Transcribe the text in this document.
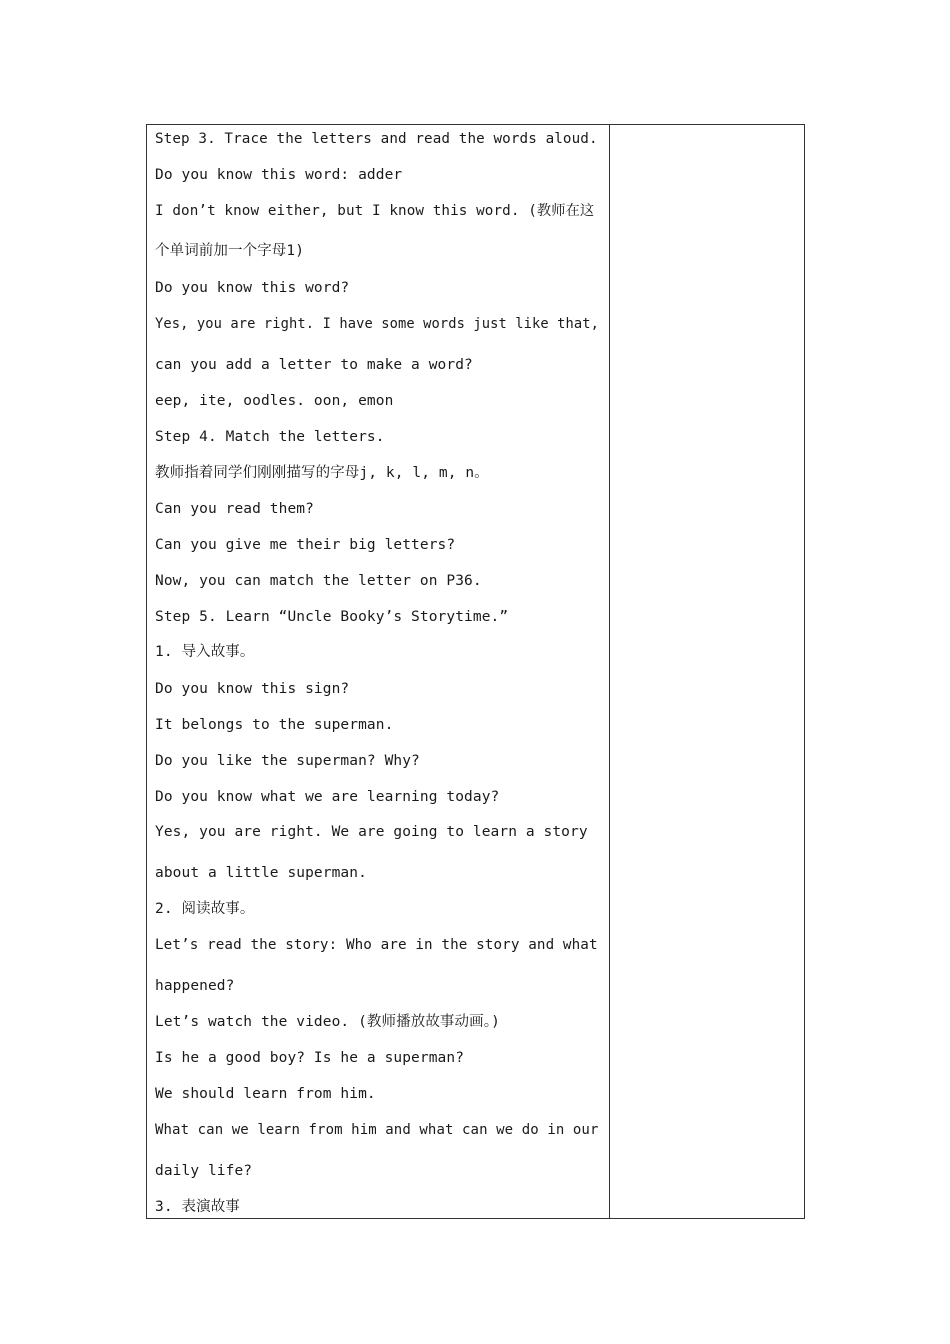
Step 3. Trace the letters and read the words aloud.
Do you know this word: adder
I don’t know either, but I know this word. (教师在这
个单词前加一个字母1)
Do you know this word?
Yes, you are right. I have some words just like that,
can you add a letter to make a word?
eep, ite, oodles. oon, emon
Step 4. Match the letters.
教师指着同学们刚刚描写的字母j, k, l, m, n。
Can you read them?
Can you give me their big letters?
Now, you can match the letter on P36.
Step 5. Learn “Uncle Booky’s Storytime.”
1. 导入故事。
Do you know this sign?
It belongs to the superman.
Do you like the superman? Why?
Do you know what we are learning today?
Yes, you are right. We are going to learn a story
about a little superman.
2. 阅读故事。
Let’s read the story: Who are in the story and what
happened?
Let’s watch the video. (教师播放故事动画。)
Is he a good boy? Is he a superman?
We should learn from him.
What can we learn from him and what can we do in our
daily life?
3. 表演故事
